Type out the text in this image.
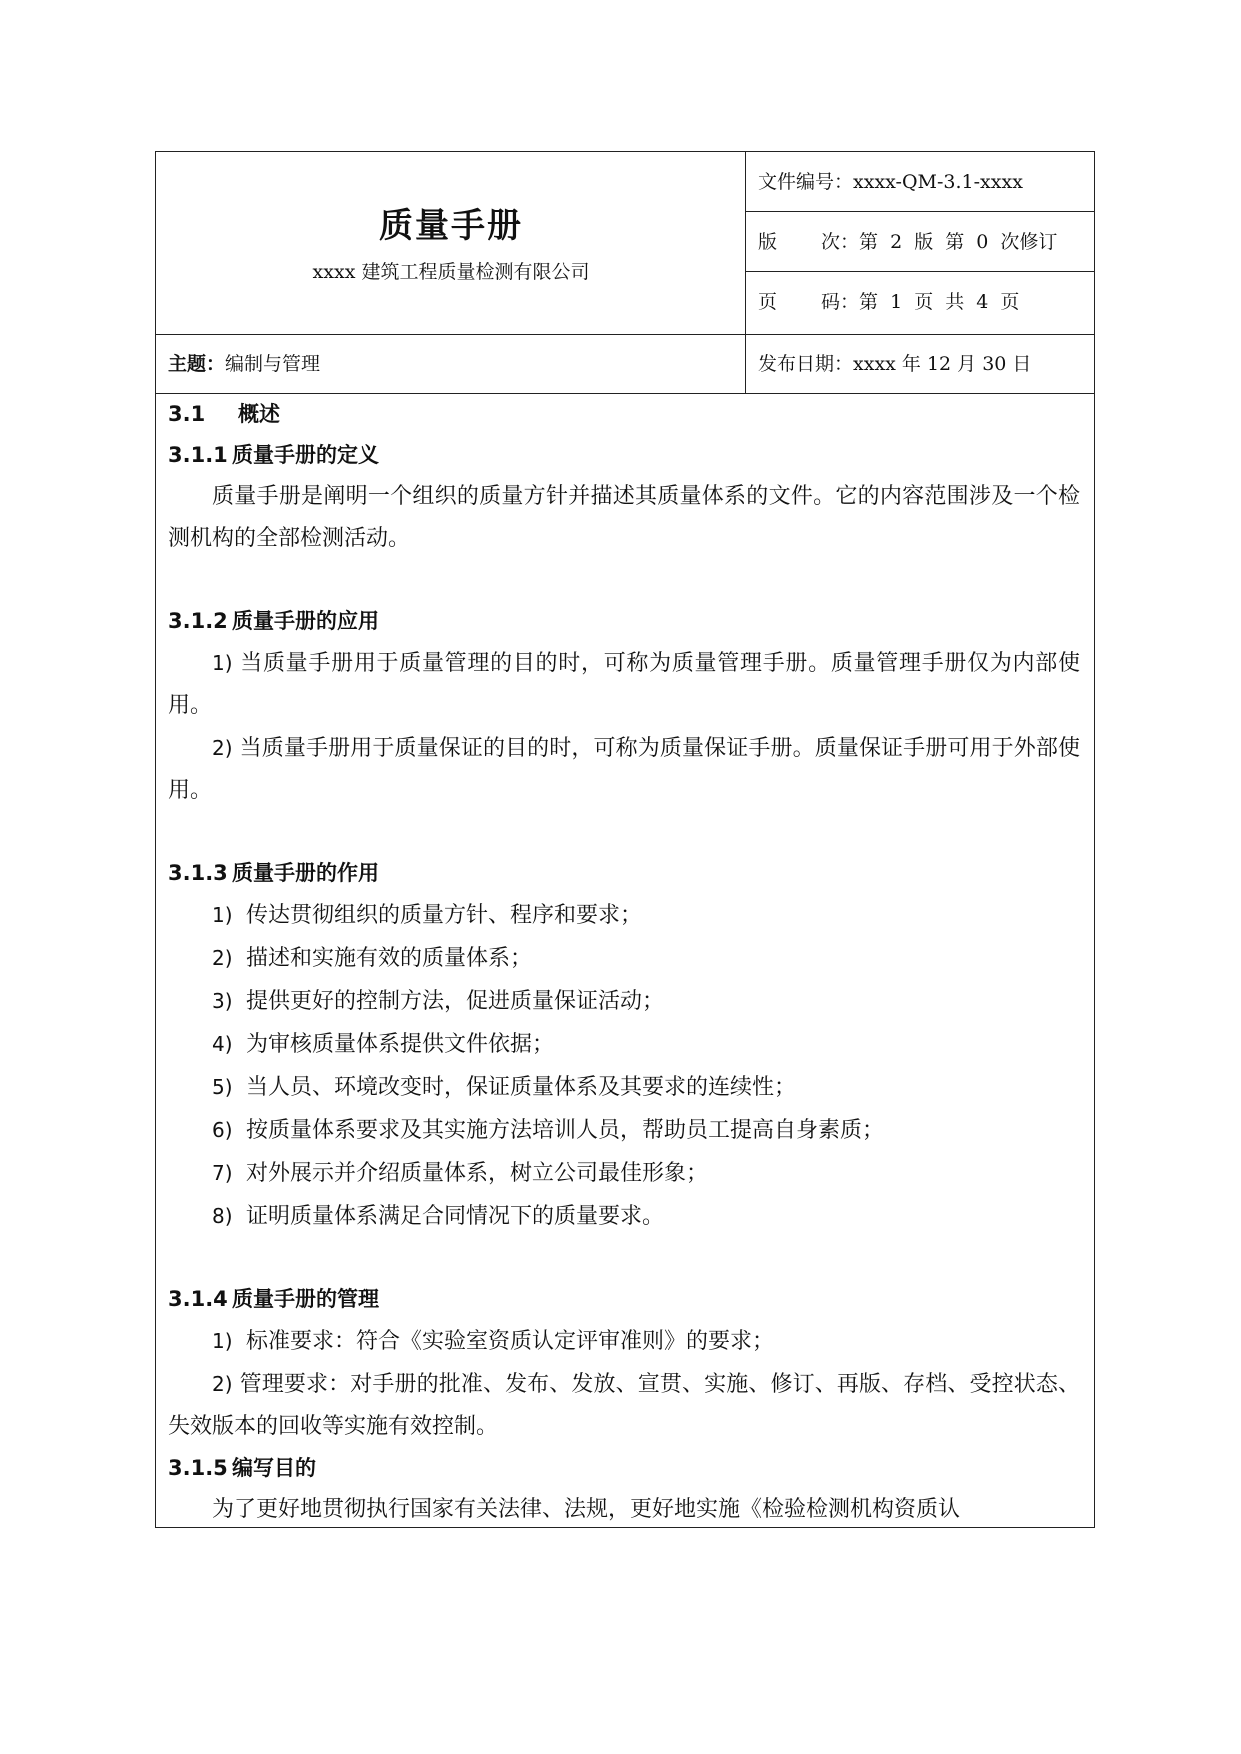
质量手册
xxxx 建筑工程质量检测有限公司
文件编号：xxxx-QM-3.1-xxxx
版 次：第 2 版 第 0 次修订
页 码：第 1 页 共 4 页
主题：编制与管理	发布日期：xxxx 年 12 月 30 日
3.1 概述
3.1.1 质量手册的定义

质量手册是阐明一个组织的质量方针并描述其质量体系的文件。它的内容范围涉及一个检测机构的全部检测活动。

3.1.2 质量手册的应用

1) 当质量手册用于质量管理的目的时，可称为质量管理手册。质量管理手册仅为内部使用。

2) 当质量手册用于质量保证的目的时，可称为质量保证手册。质量保证手册可用于外部使用。

3.1.3 质量手册的作用
1) 传达贯彻组织的质量方针、程序和要求；
2) 描述和实施有效的质量体系；
3) 提供更好的控制方法，促进质量保证活动；
4) 为审核质量体系提供文件依据；
5) 当人员、环境改变时，保证质量体系及其要求的连续性；
6) 按质量体系要求及其实施方法培训人员，帮助员工提高自身素质；
7) 对外展示并介绍质量体系，树立公司最佳形象；
8) 证明质量体系满足合同情况下的质量要求。
3.1.4 质量手册的管理
1) 标准要求：符合《实验室资质认定评审准则》的要求；

2) 管理要求：对手册的批准、发布、发放、宣贯、实施、修订、再版、存档、受控状态、失效版本的回收等实施有效控制。

3.1.5 编写目的

为了更好地贯彻执行国家有关法律、法规，更好地实施《检验检测机构资质认
